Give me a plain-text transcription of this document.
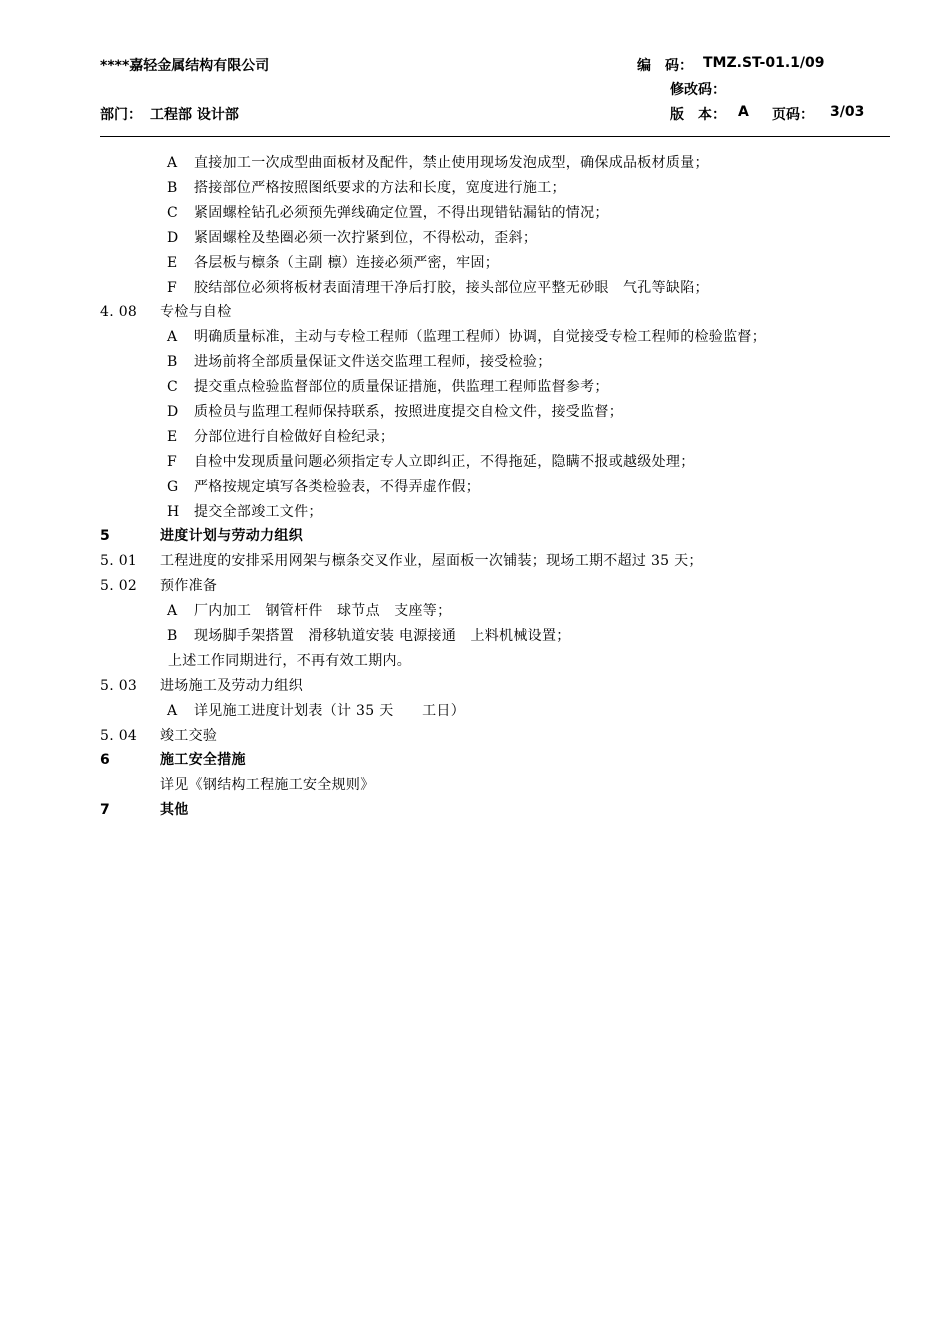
****嘉轻金属结构有限公司	编　码： TMZ.ST-01.1/09
修改码：
部门： 工程部 设计部	版　本： A 页码： 3/03
A 直接加工一次成型曲面板材及配件，禁止使用现场发泡成型，确保成品板材质量；
B 搭接部位严格按照图纸要求的方法和长度，宽度进行施工；
C 紧固螺栓钻孔必须预先弹线确定位置，不得出现错钻漏钻的情况；
D 紧固螺栓及垫圈必须一次拧紧到位，不得松动，歪斜；
E 各层板与檩条（主副 檩）连接必须严密，牢固；
F 胶结部位必须将板材表面清理干净后打胶，接头部位应平整无砂眼　气孔等缺陷；
4. 08 专检与自检
A 明确质量标准，主动与专检工程师（监理工程师）协调，自觉接受专检工程师的检验监督；
B 进场前将全部质量保证文件送交监理工程师，接受检验；
C 提交重点检验监督部位的质量保证措施，供监理工程师监督参考；
D 质检员与监理工程师保持联系，按照进度提交自检文件，接受监督；
E 分部位进行自检做好自检纪录；
F 自检中发现质量问题必须指定专人立即纠正，不得拖延，隐瞒不报或越级处理；
G 严格按规定填写各类检验表，不得弄虚作假；
H 提交全部竣工文件；
5	进度计划与劳动力组织
5. 01 工程进度的安排采用网架与檩条交叉作业，屋面板一次铺装；现场工期不超过 35 天；
5. 02 预作准备
A 厂内加工　钢管杆件　球节点　支座等；
B 现场脚手架搭置　滑移轨道安装 电源接通　上料机械设置；
上述工作同期进行，不再有效工期内。
5. 03 进场施工及劳动力组织
A 详见施工进度计划表（计 35 天　　工日）
5. 04 竣工交验
6	施工安全措施
详见《钢结构工程施工安全规则》
7	其他
